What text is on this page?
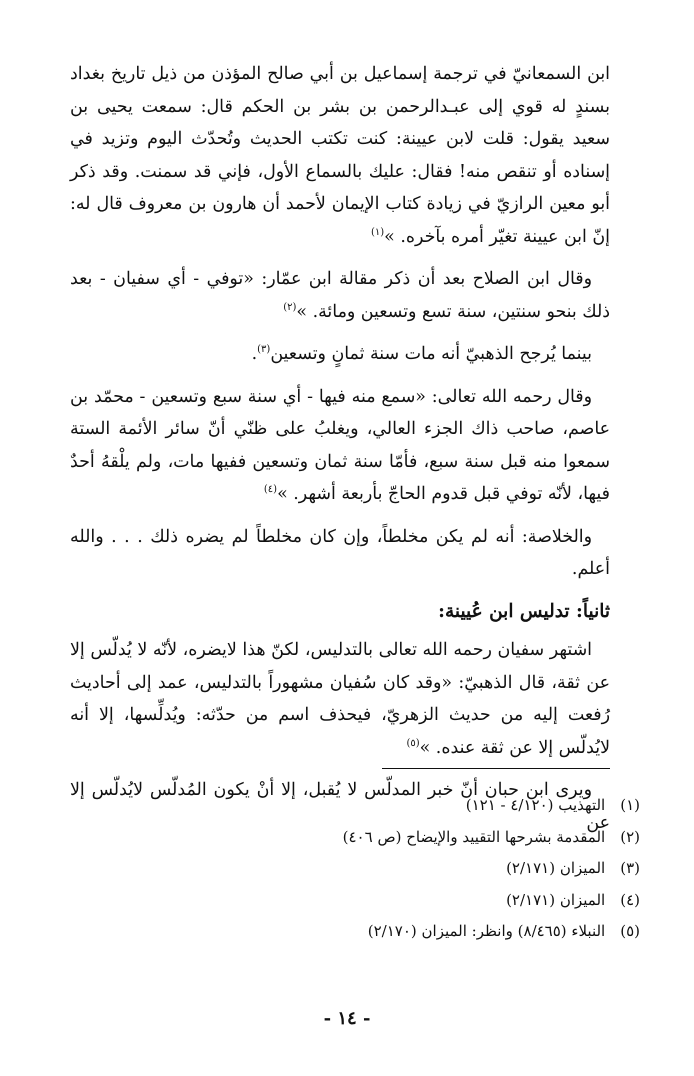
ابن السمعانيّ في ترجمة إسماعيل بن أبي صالح المؤذن من ذيل تاريخ بغداد بسندٍ له قوي إلى عبـدالرحمن بن بشر بن الحكم قال: سمعت يحيى بن سعيد يقول: قلت لابن عيينة: كنت تكتب الحديث وتُحدّث اليوم وتزيد في إسناده أو تنقص منه! فقال: عليك بالسماع الأول، فإني قد سمنت. وقد ذكر أبو معين الرازيّ في زيادة كتاب الإيمان لأحمد أن هارون بن معروف قال له: إنّ ابن عيينة تغيّر أمره بآخره. »$^{(١)}$

وقال ابن الصلاح بعد أن ذكر مقالة ابن عمّار: «توفي - أي سفيان - بعد ذلك بنحو سنتين، سنة تسع وتسعين ومائة. »$^{(٢)}$

بينما يُرجح الذهبيّ أنه مات سنة ثمانٍ وتسعين$^{(٣)}$.

وقال رحمه الله تعالى: «سمع منه فيها - أي سنة سبع وتسعين - محمّد بن عاصم، صاحب ذاك الجزء العالي، ويغلبُ على ظنّي أنّ سائر الأئمة الستة سمعوا منه قبل سنة سبع، فأمّا سنة ثمان وتسعين ففيها مات، ولم يلْقهُ أحدٌ فيها، لأنّه توفي قبل قدوم الحاجّ بأربعة أشهر. »$^{(٤)}$

والخلاصة: أنه لم يكن مخلطاً، وإن كان مخلطاً لم يضره ذلك . . . والله أعلم.

ثانياً: تدليس ابن عُيينة:

اشتهر سفيان رحمه الله تعالى بالتدليس، لكنّ هذا لايضره، لأنّه لا يُدلّس إلا عن ثقة، قال الذهبيّ: «وقد كان سُفيان مشهوراً بالتدليس، عمد إلى أحاديث رُفعت إليه من حديث الزهريّ، فيحذف اسم من حدّثه: ويُدلِّسها، إلا أنه لايُدلّس إلا عن ثقة عنده. »$^{(٥)}$

ويرى ابن حبان أنّ خبر المدلّس لا يُقبل، إلا أنْ يكون المُدلّس لايُدلّس إلا عن

(١) التهذيب (٤/١٢٠ - ١٢١)
(٢) المقدمة بشرحها التقييد والإيضاح (ص ٤٠٦)
(٣) الميزان (٢/١٧١)
(٤) الميزان (٢/١٧١)
(٥) النبلاء (٨/٤٦٥) وانظر: الميزان (٢/١٧٠)
- ١٤ -
